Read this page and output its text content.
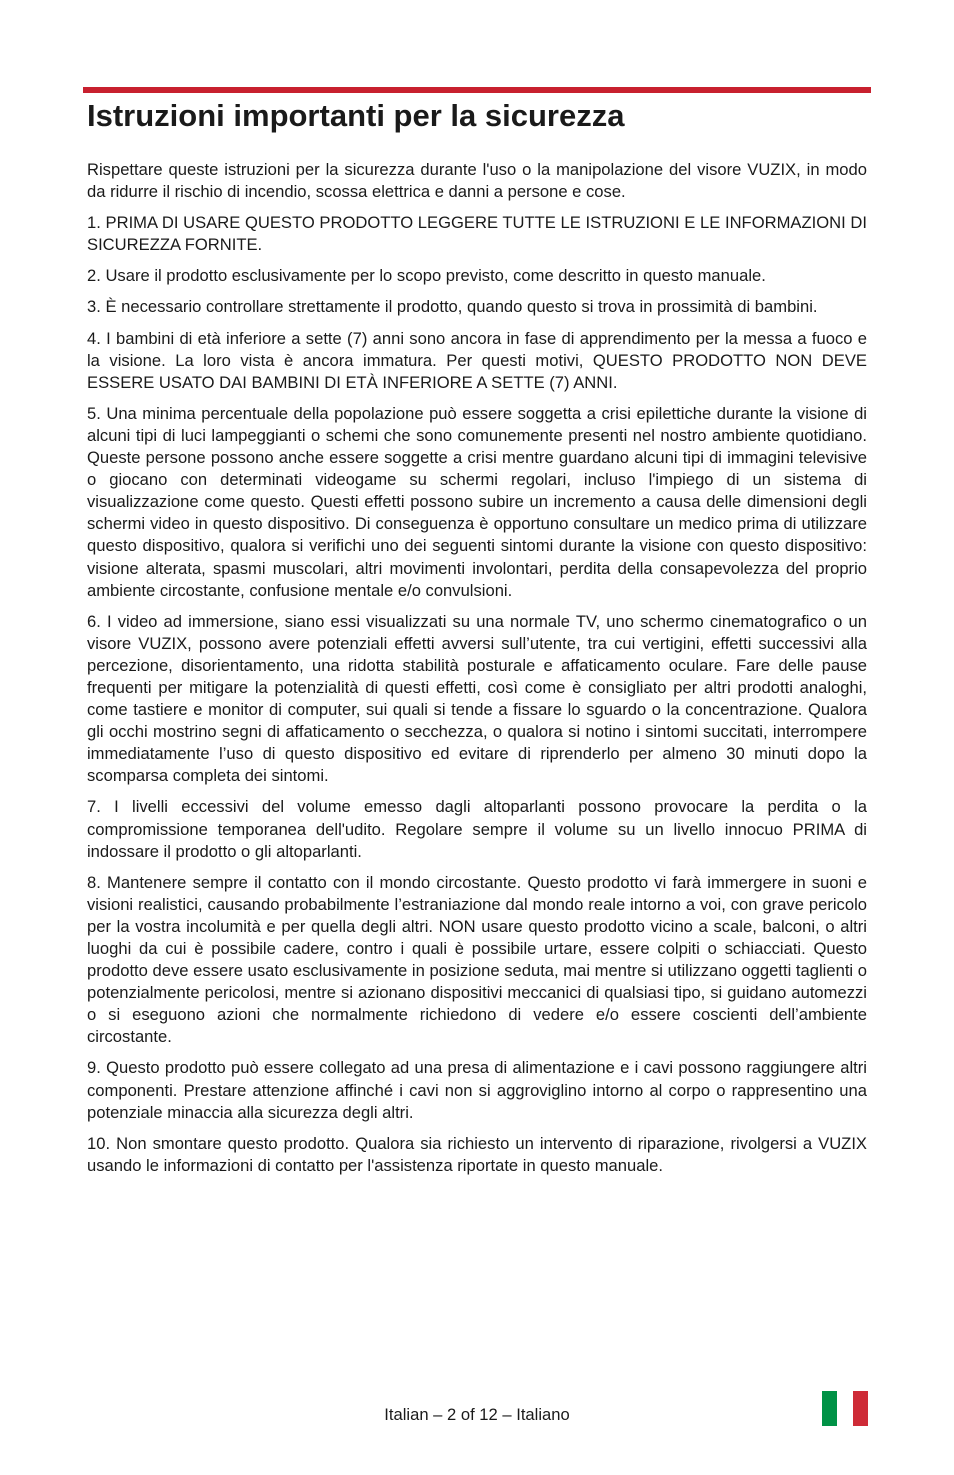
Istruzioni importanti per la sicurezza

Rispettare queste istruzioni per la sicurezza durante l'uso o la manipolazione del visore VUZIX, in modo da ridurre il rischio di incendio, scossa elettrica e danni a persone e cose.

1. PRIMA DI USARE QUESTO PRODOTTO LEGGERE TUTTE LE ISTRUZIONI E LE INFORMAZIONI DI SICUREZZA FORNITE.

2. Usare il prodotto esclusivamente per lo scopo previsto, come descritto in questo manuale.

3. È necessario controllare strettamente il prodotto, quando questo si trova in prossimità di bambini.

4. I bambini di età inferiore a sette (7) anni sono ancora in fase di apprendimento per la messa a fuoco e la visione. La loro vista è ancora immatura. Per questi motivi, QUESTO PRODOTTO NON DEVE ESSERE USATO DAI BAMBINI DI ETÀ INFERIORE A SETTE (7) ANNI.

5. Una minima percentuale della popolazione può essere soggetta a crisi epilettiche durante la visione di alcuni tipi di luci lampeggianti o schemi che sono comunemente presenti nel nostro ambiente quotidiano. Queste persone possono anche essere soggette a crisi mentre guardano alcuni tipi di immagini televisive o giocano con determinati videogame su schermi regolari, incluso l'impiego di un sistema di visualizzazione come questo. Questi effetti possono subire un incremento a causa delle dimensioni degli schermi video in questo dispositivo. Di conseguenza è opportuno consultare un medico prima di utilizzare questo dispositivo, qualora si verifichi uno dei seguenti sintomi durante la visione con questo dispositivo: visione alterata, spasmi muscolari, altri movimenti involontari, perdita della consapevolezza del proprio ambiente circostante, confusione mentale e/o convulsioni.

6. I video ad immersione, siano essi visualizzati su una normale TV, uno schermo cinematografico o un visore VUZIX, possono avere potenziali effetti avversi sull’utente, tra cui vertigini, effetti successivi alla percezione, disorientamento, una ridotta stabilità posturale e affaticamento oculare. Fare delle pause frequenti per mitigare la potenzialità di questi effetti, così come è consigliato per altri prodotti analoghi, come tastiere e monitor di computer, sui quali si tende a fissare lo sguardo o la concentrazione. Qualora gli occhi mostrino segni di affaticamento o secchezza, o qualora si notino i sintomi succitati, interrompere immediatamente l’uso di questo dispositivo ed evitare di riprenderlo per almeno 30 minuti dopo la scomparsa completa dei sintomi.

7. I livelli eccessivi del volume emesso dagli altoparlanti possono provocare la perdita o la compromissione temporanea dell'udito. Regolare sempre il volume su un livello innocuo PRIMA di indossare il prodotto o gli altoparlanti.

8. Mantenere sempre il contatto con il mondo circostante. Questo prodotto vi farà immergere in suoni e visioni realistici, causando probabilmente l’estraniazione dal mondo reale intorno a voi, con grave pericolo per la vostra incolumità e per quella degli altri. NON usare questo prodotto vicino a scale, balconi, o altri luoghi da cui è possibile cadere, contro i quali è possibile urtare, essere colpiti o schiacciati. Questo prodotto deve essere usato esclusivamente in posizione seduta, mai mentre si utilizzano oggetti taglienti o potenzialmente pericolosi, mentre si azionano dispositivi meccanici di qualsiasi tipo, si guidano automezzi o si eseguono azioni che normalmente richiedono di vedere e/o essere coscienti dell’ambiente circostante.

9. Questo prodotto può essere collegato ad una presa di alimentazione e i cavi possono raggiungere altri componenti. Prestare attenzione affinché i cavi non si aggroviglino intorno al corpo o rappresentino una potenziale minaccia alla sicurezza degli altri.

10. Non smontare questo prodotto. Qualora sia richiesto un intervento di riparazione, rivolgersi a VUZIX usando le informazioni di contatto per l'assistenza riportate in questo manuale.

Italian – 2 of 12 – Italiano
